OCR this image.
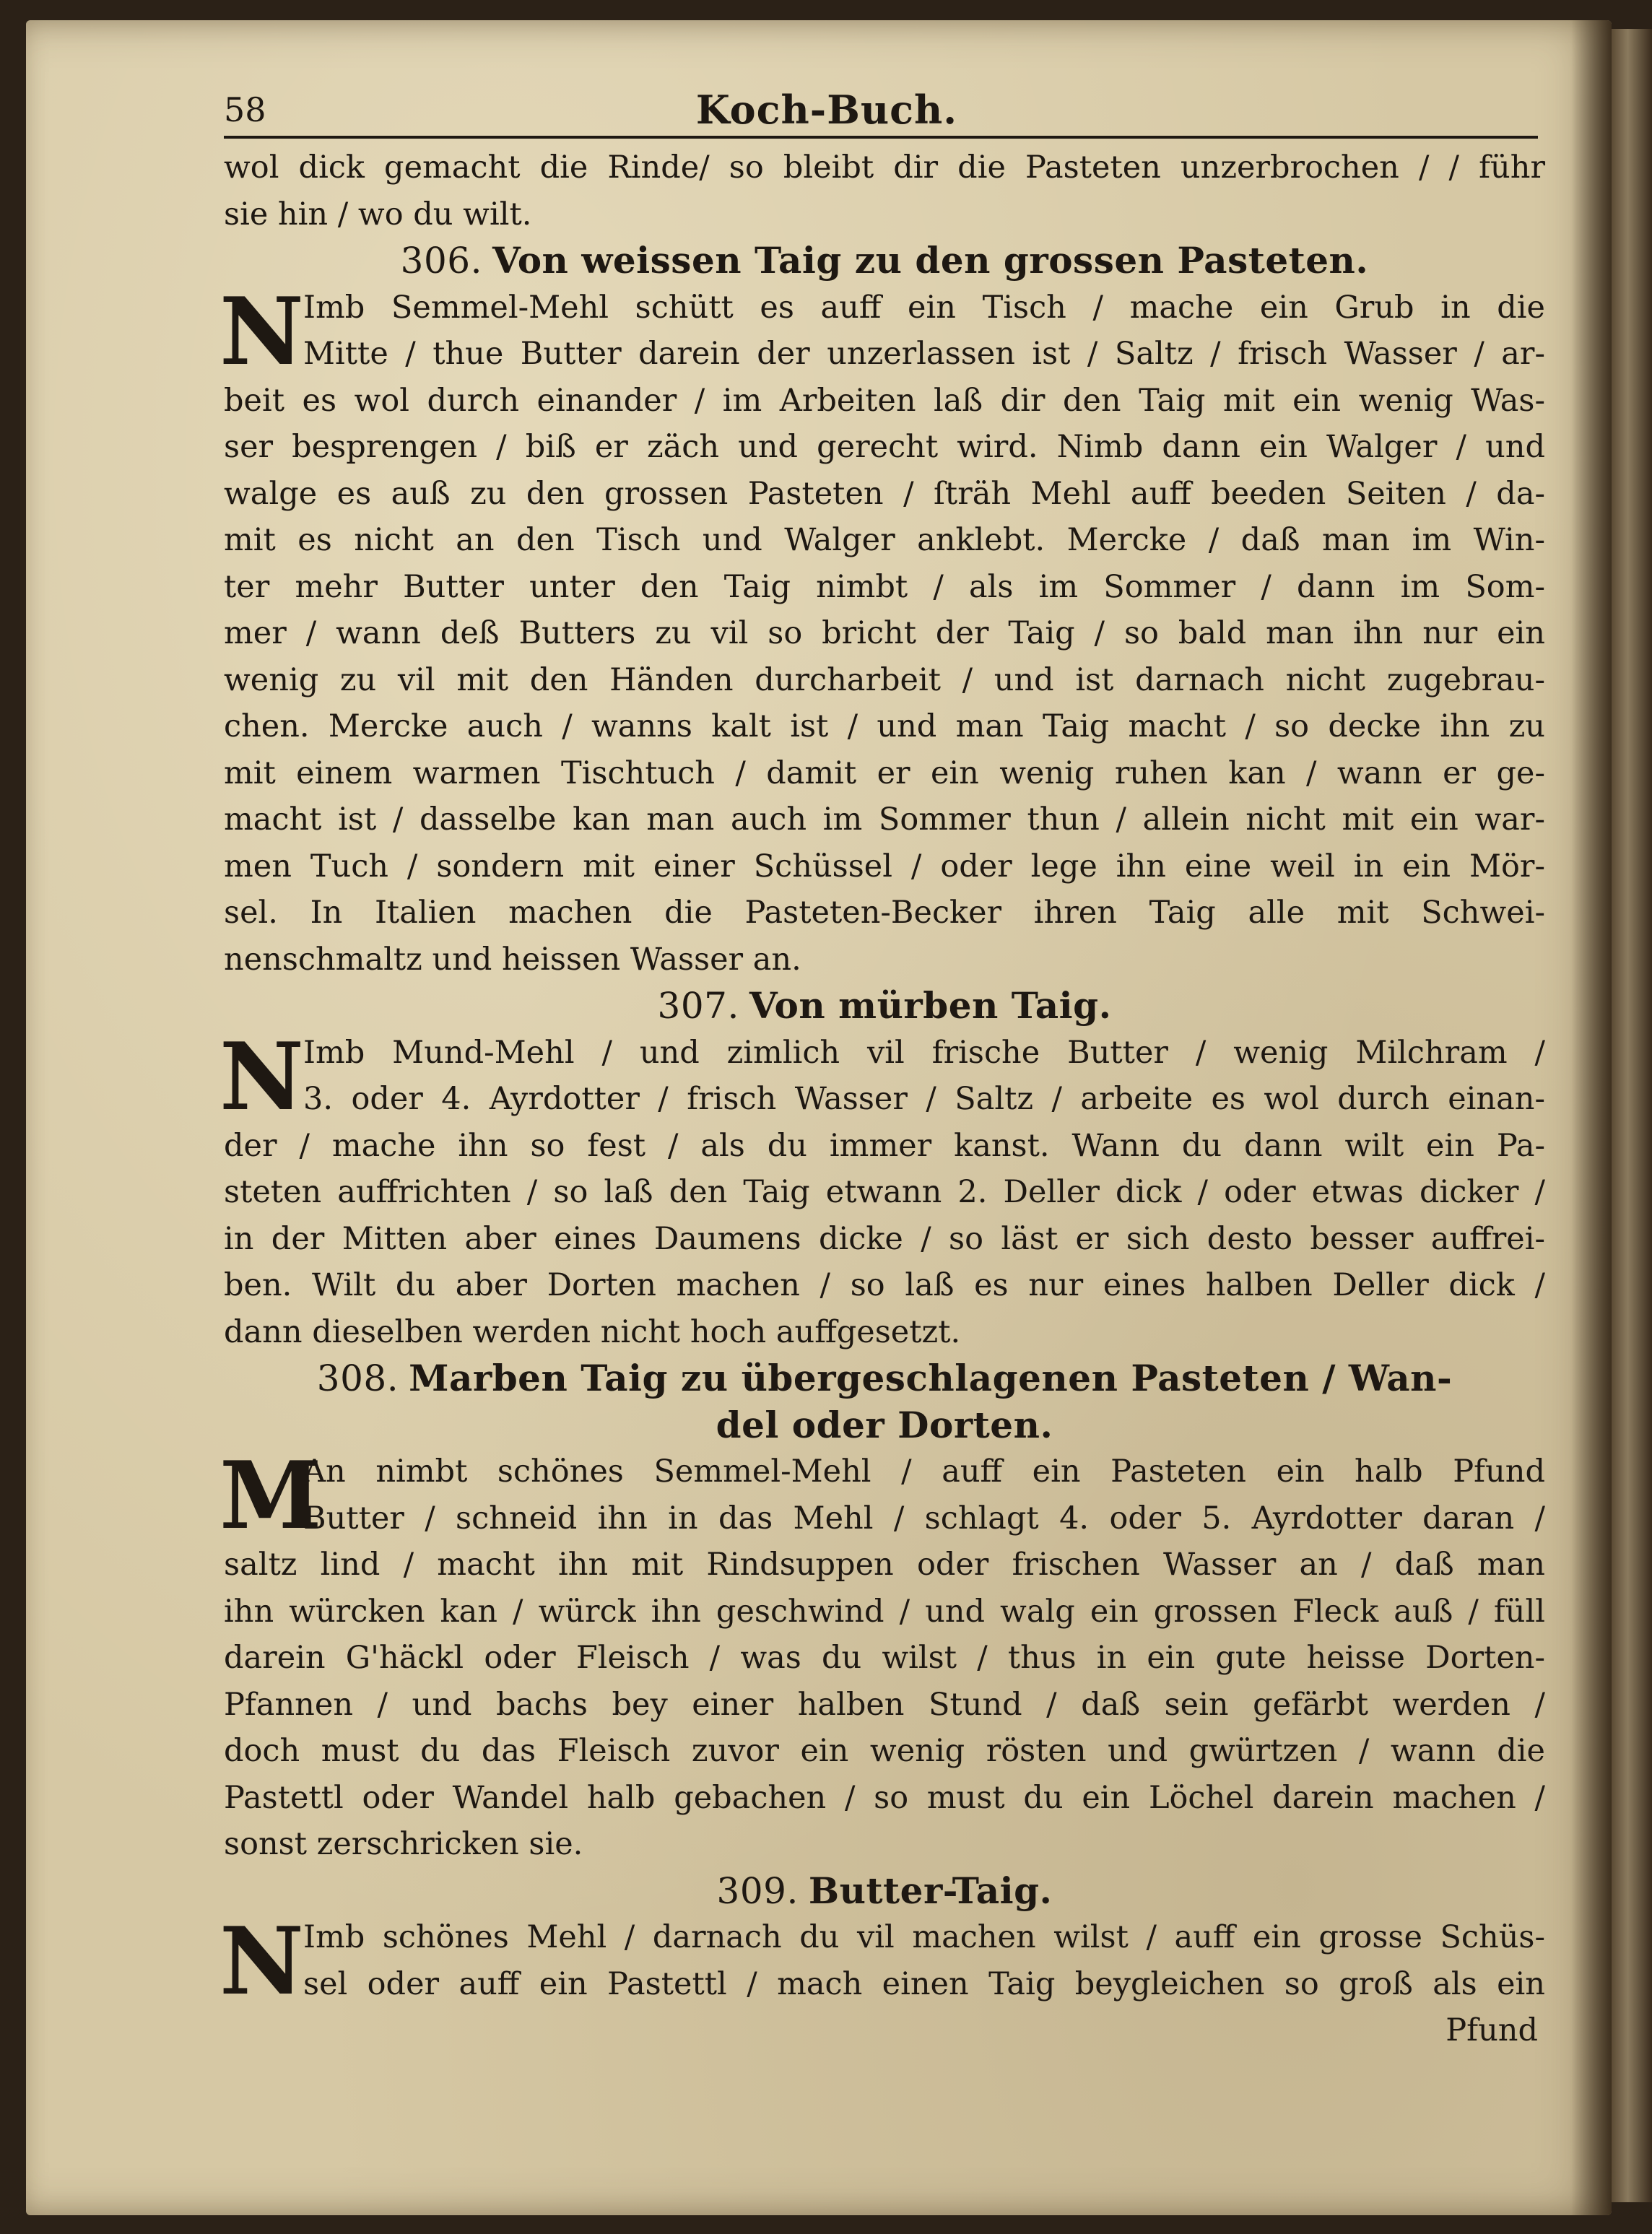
58	Koch-Buch.
wol dick gemacht die Rinde/ so bleibt dir die Pasteten unzerbrochen / / führ
sie hin / wo du wilt.
306. Von weissen Taig zu den grossen Pasteten.
N Imb Semmel-Mehl schütt es auff ein Tisch / mache ein Grub in die
Mitte / thue Butter darein der unzerlassen ist / Saltz / frisch Wasser / ar-
beit es wol durch einander / im Arbeiten laß dir den Taig mit ein wenig Was-
ser besprengen / biß er zäch und gerecht wird. Nimb dann ein Walger / und
walge es auß zu den grossen Pasteten / ſträh Mehl auff beeden Seiten / da-
mit es nicht an den Tisch und Walger anklebt. Mercke / daß man im Win-
ter mehr Butter unter den Taig nimbt / als im Sommer / dann im Som-
mer / wann deß Butters zu vil so bricht der Taig / so bald man ihn nur ein
wenig zu vil mit den Händen durcharbeit / und ist darnach nicht zugebrau-
chen. Mercke auch / wanns kalt ist / und man Taig macht / so decke ihn zu
mit einem warmen Tischtuch / damit er ein wenig ruhen kan / wann er ge-
macht ist / dasselbe kan man auch im Sommer thun / allein nicht mit ein war-
men Tuch / sondern mit einer Schüssel / oder lege ihn eine weil in ein Mör-
sel. In Italien machen die Pasteten-Becker ihren Taig alle mit Schwei-
nenschmaltz und heissen Wasser an.
307. Von mürben Taig.
N Imb Mund-Mehl / und zimlich vil frische Butter / wenig Milchram /
3. oder 4. Ayrdotter / frisch Wasser / Saltz / arbeite es wol durch einan-
der / mache ihn so fest / als du immer kanst. Wann du dann wilt ein Pa-
steten auffrichten / so laß den Taig etwann 2. Deller dick / oder etwas dicker /
in der Mitten aber eines Daumens dicke / so läst er sich desto besser auffrei-
ben. Wilt du aber Dorten machen / so laß es nur eines halben Deller dick /
dann dieselben werden nicht hoch auffgesetzt.
308. Marben Taig zu übergeschlagenen Pasteten / Wan-
del oder Dorten.
M
An nimbt schönes Semmel-Mehl / auff ein Pasteten ein halb Pfund
Butter / schneid ihn in das Mehl / schlagt 4. oder 5. Ayrdotter daran /
saltz lind / macht ihn mit Rindsuppen oder frischen Wasser an / daß man
ihn würcken kan / würck ihn geschwind / und walg ein grossen Fleck auß / füll
darein G'häckl oder Fleisch / was du wilst / thus in ein gute heisse Dorten-
Pfannen / und bachs bey einer halben Stund / daß sein gefärbt werden /
doch must du das Fleisch zuvor ein wenig rösten und gwürtzen / wann die
Pastettl oder Wandel halb gebachen / so must du ein Löchel darein machen /
sonst zerschricken sie.
309. Butter-Taig.
N Imb schönes Mehl / darnach du vil machen wilst / auff ein grosse Schüs-
sel oder auff ein Pastettl / mach einen Taig beygleichen so groß als ein
Pfund
